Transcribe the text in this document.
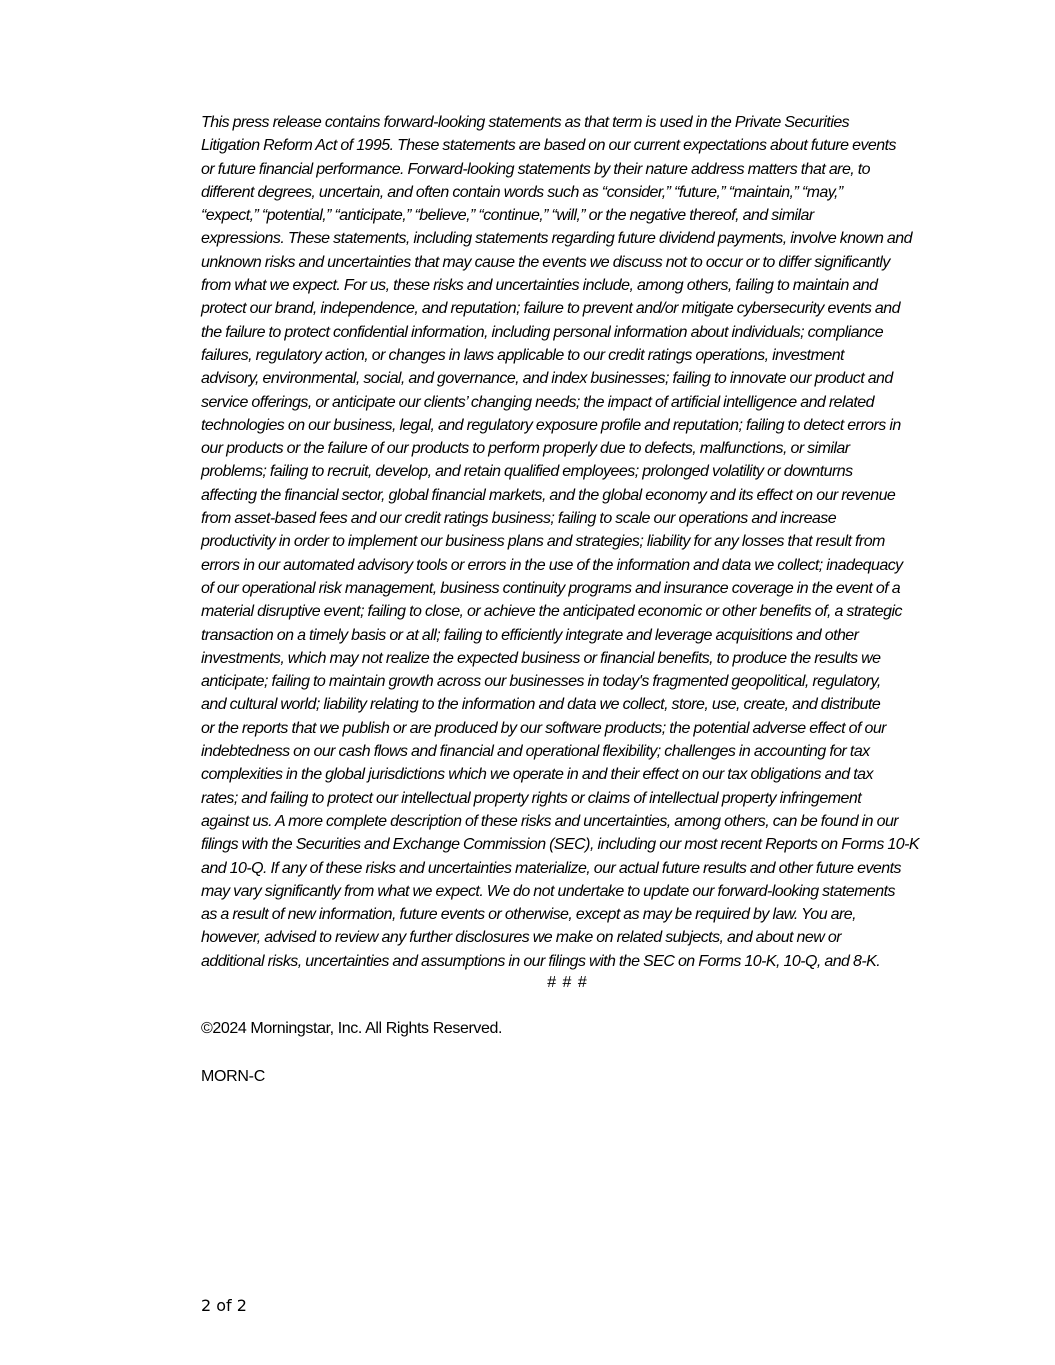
This press release contains forward-looking statements as that term is used in the Private Securities
Litigation Reform Act of 1995. These statements are based on our current expectations about future events
or future financial performance. Forward-looking statements by their nature address matters that are, to
different degrees, uncertain, and often contain words such as “consider,” “future,” “maintain,” “may,”
“expect,” “potential,” “anticipate,” “believe,” “continue,” “will,” or the negative thereof, and similar
expressions. These statements, including statements regarding future dividend payments, involve known and
unknown risks and uncertainties that may cause the events we discuss not to occur or to differ significantly
from what we expect. For us, these risks and uncertainties include, among others, failing to maintain and
protect our brand, independence, and reputation; failure to prevent and/or mitigate cybersecurity events and
the failure to protect confidential information, including personal information about individuals; compliance
failures, regulatory action, or changes in laws applicable to our credit ratings operations, investment
advisory, environmental, social, and governance, and index businesses; failing to innovate our product and
service offerings, or anticipate our clients’ changing needs; the impact of artificial intelligence and related
technologies on our business, legal, and regulatory exposure profile and reputation; failing to detect errors in
our products or the failure of our products to perform properly due to defects, malfunctions, or similar
problems; failing to recruit, develop, and retain qualified employees; prolonged volatility or downturns
affecting the financial sector, global financial markets, and the global economy and its effect on our revenue
from asset-based fees and our credit ratings business; failing to scale our operations and increase
productivity in order to implement our business plans and strategies; liability for any losses that result from
errors in our automated advisory tools or errors in the use of the information and data we collect; inadequacy
of our operational risk management, business continuity programs and insurance coverage in the event of a
material disruptive event; failing to close, or achieve the anticipated economic or other benefits of, a strategic
transaction on a timely basis or at all; failing to efficiently integrate and leverage acquisitions and other
investments, which may not realize the expected business or financial benefits, to produce the results we
anticipate; failing to maintain growth across our businesses in today's fragmented geopolitical, regulatory,
and cultural world; liability relating to the information and data we collect, store, use, create, and distribute
or the reports that we publish or are produced by our software products; the potential adverse effect of our
indebtedness on our cash flows and financial and operational flexibility; challenges in accounting for tax
complexities in the global jurisdictions which we operate in and their effect on our tax obligations and tax
rates; and failing to protect our intellectual property rights or claims of intellectual property infringement
against us. A more complete description of these risks and uncertainties, among others, can be found in our
filings with the Securities and Exchange Commission (SEC), including our most recent Reports on Forms 10-K
and 10-Q. If any of these risks and uncertainties materialize, our actual future results and other future events
may vary significantly from what we expect. We do not undertake to update our forward-looking statements
as a result of new information, future events or otherwise, except as may be required by law. You are,
however, advised to review any further disclosures we make on related subjects, and about new or
additional risks, uncertainties and assumptions in our filings with the SEC on Forms 10-K, 10-Q, and 8-K.

# # #

©2024 Morningstar, Inc. All Rights Reserved.

MORN-C

2 of 2
